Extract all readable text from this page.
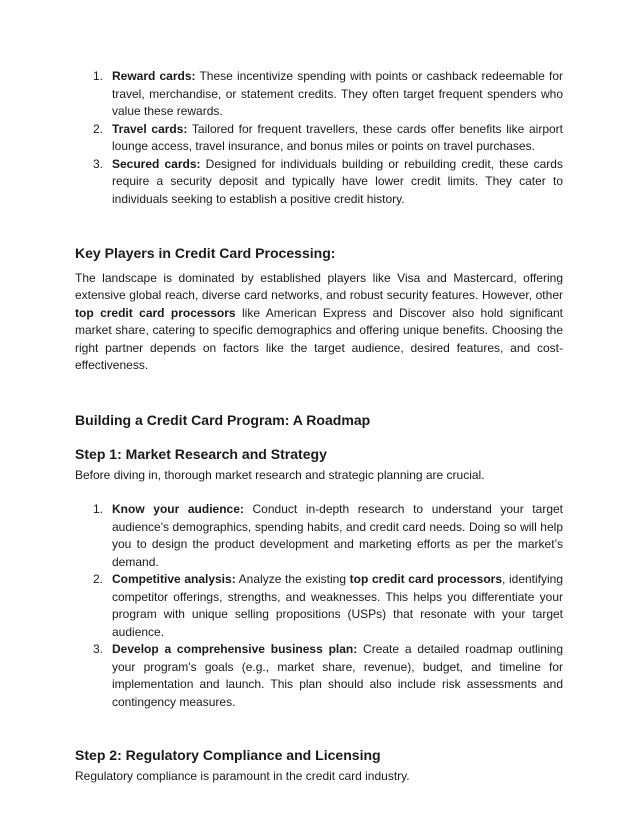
1. Reward cards: These incentivize spending with points or cashback redeemable for travel, merchandise, or statement credits. They often target frequent spenders who value these rewards.
2. Travel cards: Tailored for frequent travellers, these cards offer benefits like airport lounge access, travel insurance, and bonus miles or points on travel purchases.
3. Secured cards: Designed for individuals building or rebuilding credit, these cards require a security deposit and typically have lower credit limits. They cater to individuals seeking to establish a positive credit history.
Key Players in Credit Card Processing:

The landscape is dominated by established players like Visa and Mastercard, offering extensive global reach, diverse card networks, and robust security features. However, other top credit card processors like American Express and Discover also hold significant market share, catering to specific demographics and offering unique benefits. Choosing the right partner depends on factors like the target audience, desired features, and cost-effectiveness.

Building a Credit Card Program: A Roadmap
Step 1: Market Research and Strategy

Before diving in, thorough market research and strategic planning are crucial.

1. Know your audience: Conduct in-depth research to understand your target audience's demographics, spending habits, and credit card needs. Doing so will help you to design the product development and marketing efforts as per the market’s demand.
2. Competitive analysis: Analyze the existing top credit card processors, identifying competitor offerings, strengths, and weaknesses. This helps you differentiate your program with unique selling propositions (USPs) that resonate with your target audience.
3. Develop a comprehensive business plan: Create a detailed roadmap outlining your program's goals (e.g., market share, revenue), budget, and timeline for implementation and launch. This plan should also include risk assessments and contingency measures.
Step 2: Regulatory Compliance and Licensing

Regulatory compliance is paramount in the credit card industry.
